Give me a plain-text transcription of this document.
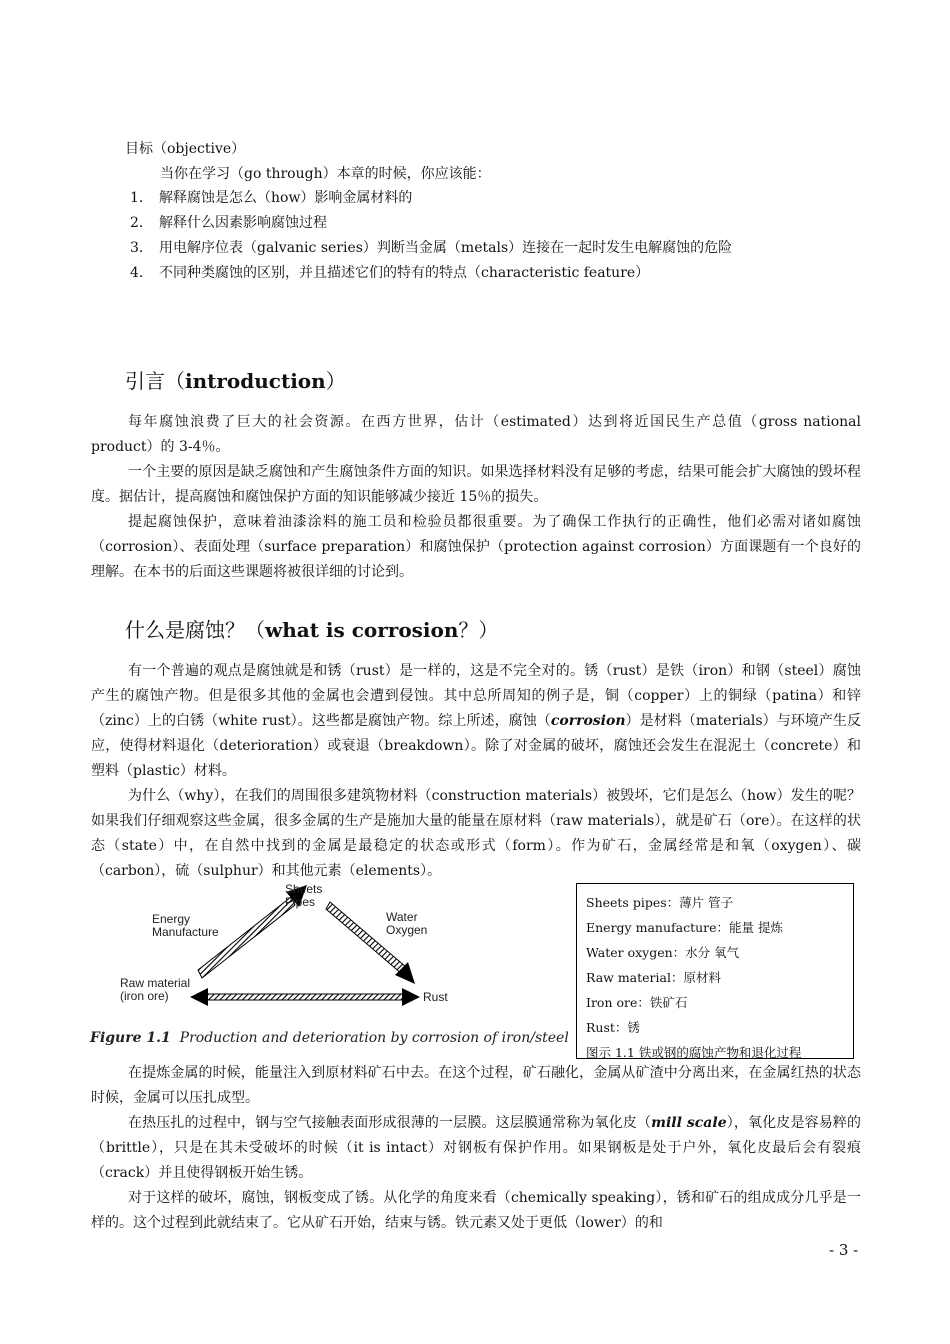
目标（objective）
当你在学习（go through）本章的时候，你应该能：
1． 解释腐蚀是怎么（how）影响金属材料的
2． 解释什么因素影响腐蚀过程
3． 用电解序位表（galvanic series）判断当金属（metals）连接在一起时发生电解腐蚀的危险
4． 不同种类腐蚀的区别，并且描述它们的特有的特点（characteristic feature）
引言（introduction）

每年腐蚀浪费了巨大的社会资源。在西方世界，估计（estimated）达到将近国民生产总值（gross national product）的 3-4％。

一个主要的原因是缺乏腐蚀和产生腐蚀条件方面的知识。如果选择材料没有足够的考虑，结果可能会扩大腐蚀的毁坏程度。据估计，提高腐蚀和腐蚀保护方面的知识能够减少接近 15％的损失。

提起腐蚀保护，意味着油漆涂料的施工员和检验员都很重要。为了确保工作执行的正确性，他们必需对诸如腐蚀（corrosion）、表面处理（surface preparation）和腐蚀保护（protection against corrosion）方面课题有一个良好的理解。在本书的后面这些课题将被很详细的讨论到。

什么是腐蚀？（what is corrosion？）

有一个普遍的观点是腐蚀就是和锈（rust）是一样的，这是不完全对的。锈（rust）是铁（iron）和钢（steel）腐蚀产生的腐蚀产物。但是很多其他的金属也会遭到侵蚀。其中总所周知的例子是，铜（copper）上的铜绿（patina）和锌（zinc）上的白锈（white rust）。这些都是腐蚀产物。综上所述，腐蚀（corrosion）是材料（materials）与环境产生反应，使得材料退化（deterioration）或衰退（breakdown）。除了对金属的破坏，腐蚀还会发生在混泥土（concrete）和塑料（plastic）材料。

为什么（why），在我们的周围很多建筑物材料（construction materials）被毁坏，它们是怎么（how）发生的呢？如果我们仔细观察这些金属，很多金属的生产是施加大量的能量在原材料（raw materials），就是矿石（ore）。在这样的状态（state）中，在自然中找到的金属是最稳定的状态或形式（form）。作为矿石，金属经常是和氧（oxygen）、碳（carbon），硫（sulphur）和其他元素（elements）。

Sheets
Pipes
Energy
Manufacture
Water
Oxygen
Raw material
(iron ore)	Rust
Figure 1.1 Production and deterioration by corrosion of iron/steel
Sheets pipes：薄片 管子
Energy manufacture：能量 提炼
Water oxygen：水分 氧气
Raw material：原材料
Iron ore：铁矿石
Rust：锈
图示 1.1 铁或钢的腐蚀产物和退化过程

在提炼金属的时候，能量注入到原材料矿石中去。在这个过程，矿石融化，金属从矿渣中分离出来，在金属红热的状态时候，金属可以压扎成型。

在热压扎的过程中，钢与空气接触表面形成很薄的一层膜。这层膜通常称为氧化皮（mill scale），氧化皮是容易粹的（brittle），只是在其未受破坏的时候（it is intact）对钢板有保护作用。如果钢板是处于户外，氧化皮最后会有裂痕（crack）并且使得钢板开始生锈。

对于这样的破坏，腐蚀，钢板变成了锈。从化学的角度来看（chemically speaking），锈和矿石的组成成分几乎是一样的。这个过程到此就结束了。它从矿石开始，结束与锈。铁元素又处于更低（lower）的和

- 3 -
